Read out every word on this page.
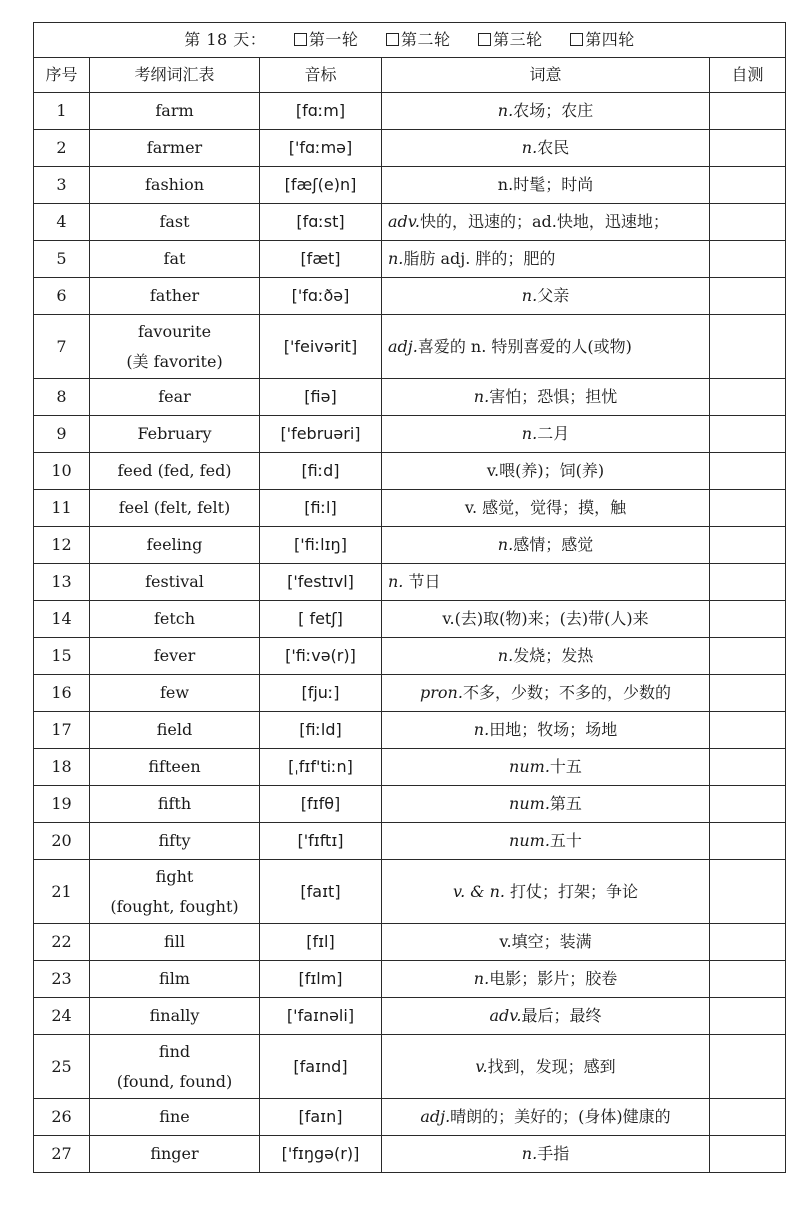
第 18 天： 第一轮 第二轮 第三轮 第四轮				
序号	考纲词汇表	音标	词意	自测
1	farm	[fɑːm]	n.农场；农庄	
2	farmer	['fɑːmə]	n.农民	
3	fashion	[fæʃ(e)n]	n.时髦；时尚	
4	fast	[fɑːst]	adv.快的，迅速的；ad.快地，迅速地；	
5	fat	[fæt]	n.脂肪 adj. 胖的；肥的	
6	father	['fɑːðə]	n.父亲	
7	favourite
(美 favorite)	['feivərit]	adj.喜爱的 n. 特别喜爱的人(或物)	
8	fear	[fiə]	n.害怕；恐惧；担忧	
9	February	['februəri]	n.二月	
10	feed (fed, fed)	[fiːd]	v.喂(养)；饲(养)	
11	feel (felt, felt)	[fiːl]	v. 感觉，觉得；摸，触	
12	feeling	['fiːlɪŋ]	n.感情；感觉	
13	festival	['festɪvl]	n. 节日	
14	fetch	[ fetʃ]	v.(去)取(物)来；(去)带(人)来	
15	fever	['fiːvə(r)]	n.发烧；发热	
16	few	[fjuː]	pron.不多，少数；不多的，少数的	
17	field	[fiːld]	n.田地；牧场；场地	
18	fifteen	[ˌfɪf'tiːn]	num.十五	
19	fifth	[fɪfθ]	num.第五	
20	fifty	['fɪftɪ]	num.五十	
21	fight
(fought, fought)	[faɪt]	v. & n. 打仗；打架；争论	
22	fill	[fɪl]	v.填空；装满	
23	film	[fɪlm]	n.电影；影片；胶卷	
24	finally	['faɪnəli]	adv.最后；最终	
25	find
(found, found)	[faɪnd]	v.找到，发现；感到	
26	fine	[faɪn]	adj.晴朗的；美好的；(身体)健康的	
27	finger	['fɪŋgə(r)]	n.手指	
